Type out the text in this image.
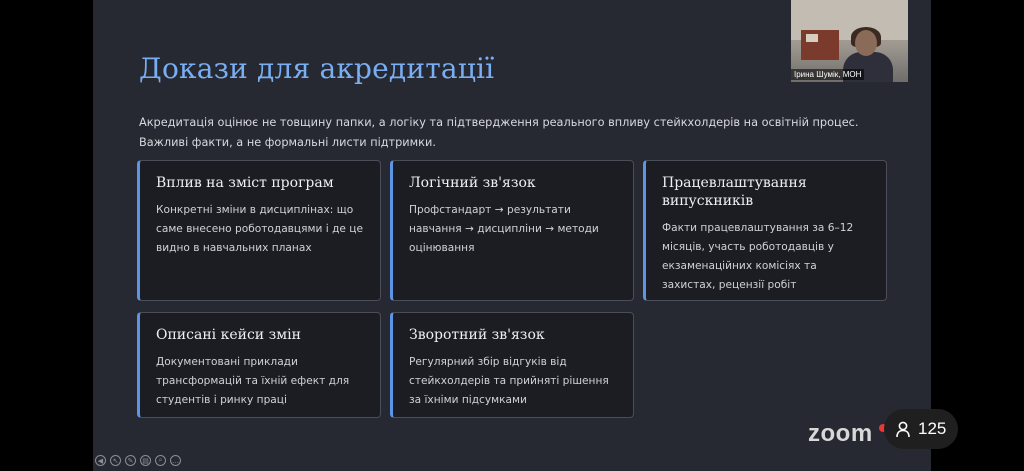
Докази для акредитації

Акредитація оцінює не товщину папки, а логіку та підтвердження реального впливу стейкхолдерів на освітній процес. Важливі факти, а не формальні листи підтримки.

Вплив на зміст програм

Конкретні зміни в дисциплінах: що саме внесено роботодавцями і де це видно в навчальних планах

Логічний зв'язок

Профстандарт → результати навчання → дисципліни → методи оцінювання

Працевлаштування випускників

Факти працевлаштування за 6–12 місяців, участь роботодавців у екзаменаційних комісіях та захистах, рецензії робіт

Описані кейси змін

Документовані приклади трансформацій та їхній ефект для студентів і ринку праці

Зворотний зв'язок

Регулярний збір відгуків від стейкхолдерів та прийняті рішення за їхніми підсумками

Ірина Шумік, МОН
zoom	125
◀	↖	✎	▤	⌕	…
